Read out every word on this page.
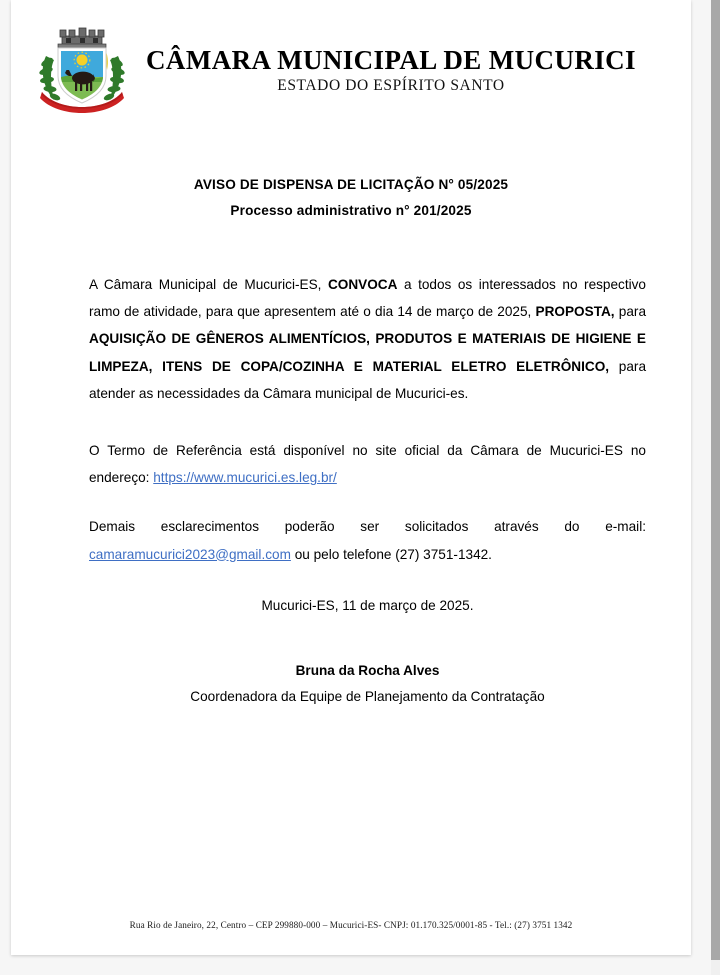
CÂMARA MUNICIPAL DE MUCURICI
ESTADO DO ESPÍRITO SANTO
AVISO DE DISPENSA DE LICITAÇÃO N° 05/2025
Processo administrativo n° 201/2025

A Câmara Municipal de Mucurici-ES, CONVOCA a todos os interessados no respectivo ramo de atividade, para que apresentem até o dia 14 de março de 2025, PROPOSTA, para AQUISIÇÃO DE GÊNEROS ALIMENTÍCIOS, PRODUTOS E MATERIAIS DE HIGIENE E LIMPEZA, ITENS DE COPA/COZINHA E MATERIAL ELETRO ELETRÔNICO, para atender as necessidades da Câmara municipal de Mucurici-es.

O Termo de Referência está disponível no site oficial da Câmara de Mucurici-ES no endereço: https://www.mucurici.es.leg.br/

Demais esclarecimentos poderão ser solicitados através do e-mail: camaramucurici2023@gmail.com ou pelo telefone (27) 3751-1342.

Mucurici-ES, 11 de março de 2025.
Bruna da Rocha Alves
Coordenadora da Equipe de Planejamento da Contratação
Rua Rio de Janeiro, 22, Centro – CEP 299880-000 – Mucurici-ES- CNPJ: 01.170.325/0001-85 - Tel.: (27) 3751 1342
